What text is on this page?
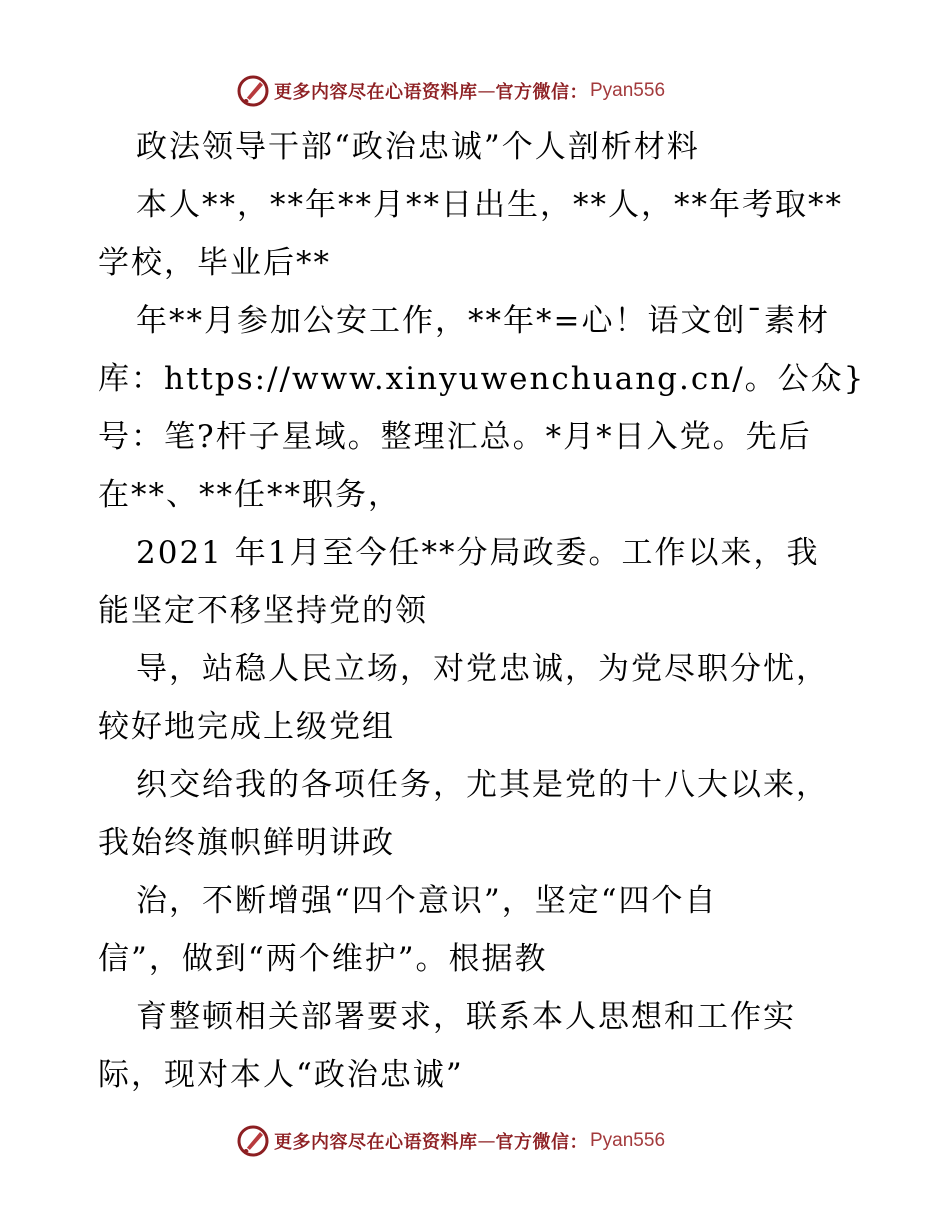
更多内容尽在心语资料库 — 官方微信： Pyan556
政法领导干部“政治忠诚”个人剖析材料
本人**，**年**月**日出生，**人，**年考取**
学校，毕业后**
年**月参加公安工作，**年*=心！语文创¯素材
库：https://www.xinyuwenchuang.cn/。公众}
号：笔?杆子星域。整理汇总。*月*日入党。先后
在**、**任**职务，
2021 年1月至今任**分局政委。工作以来，我
能坚定不移坚持党的领
导，站稳人民立场，对党忠诚，为党尽职分忧，
较好地完成上级党组
织交给我的各项任务，尤其是党的十八大以来，
我始终旗帜鲜明讲政
治，不断增强“四个意识”，坚定“四个自
信”，做到“两个维护”。根据教
育整顿相关部署要求，联系本人思想和工作实
际，现对本人“政治忠诚”
更多内容尽在心语资料库 — 官方微信： Pyan556
